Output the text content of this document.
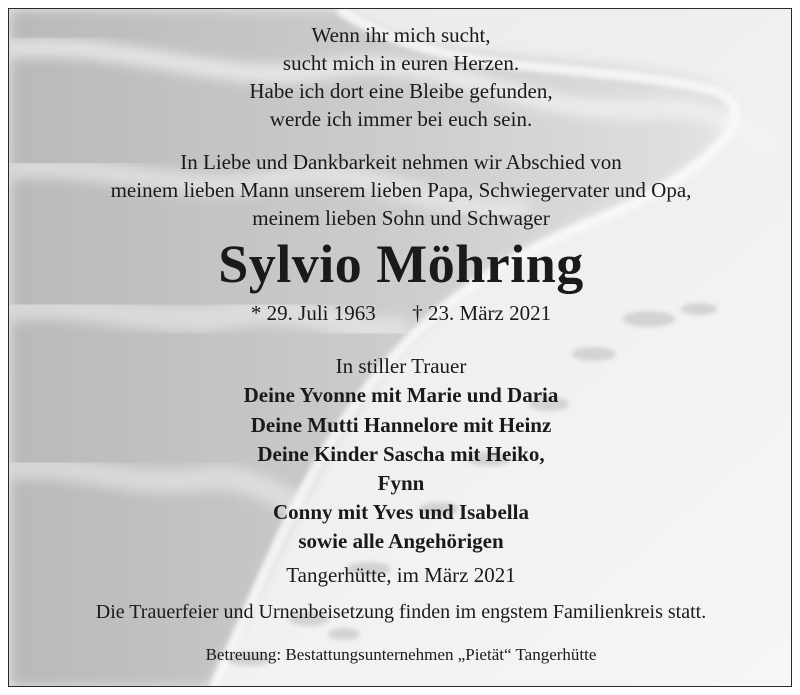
Wenn ihr mich sucht,
sucht mich in euren Herzen.
Habe ich dort eine Bleibe gefunden,
werde ich immer bei euch sein.
In Liebe und Dankbarkeit nehmen wir Abschied von
meinem lieben Mann unserem lieben Papa, Schwiegervater und Opa,
meinem lieben Sohn und Schwager
Sylvio Möhring
* 29. Juli 1963 † 23. März 2021
In stiller Trauer
Deine Yvonne mit Marie und Daria
Deine Mutti Hannelore mit Heinz
Deine Kinder Sascha mit Heiko,
Fynn
Conny mit Yves und Isabella
sowie alle Angehörigen
Tangerhütte, im März 2021
Die Trauerfeier und Urnenbeisetzung finden im engstem Familienkreis statt.
Betreuung: Bestattungsunternehmen „Pietät“ Tangerhütte
